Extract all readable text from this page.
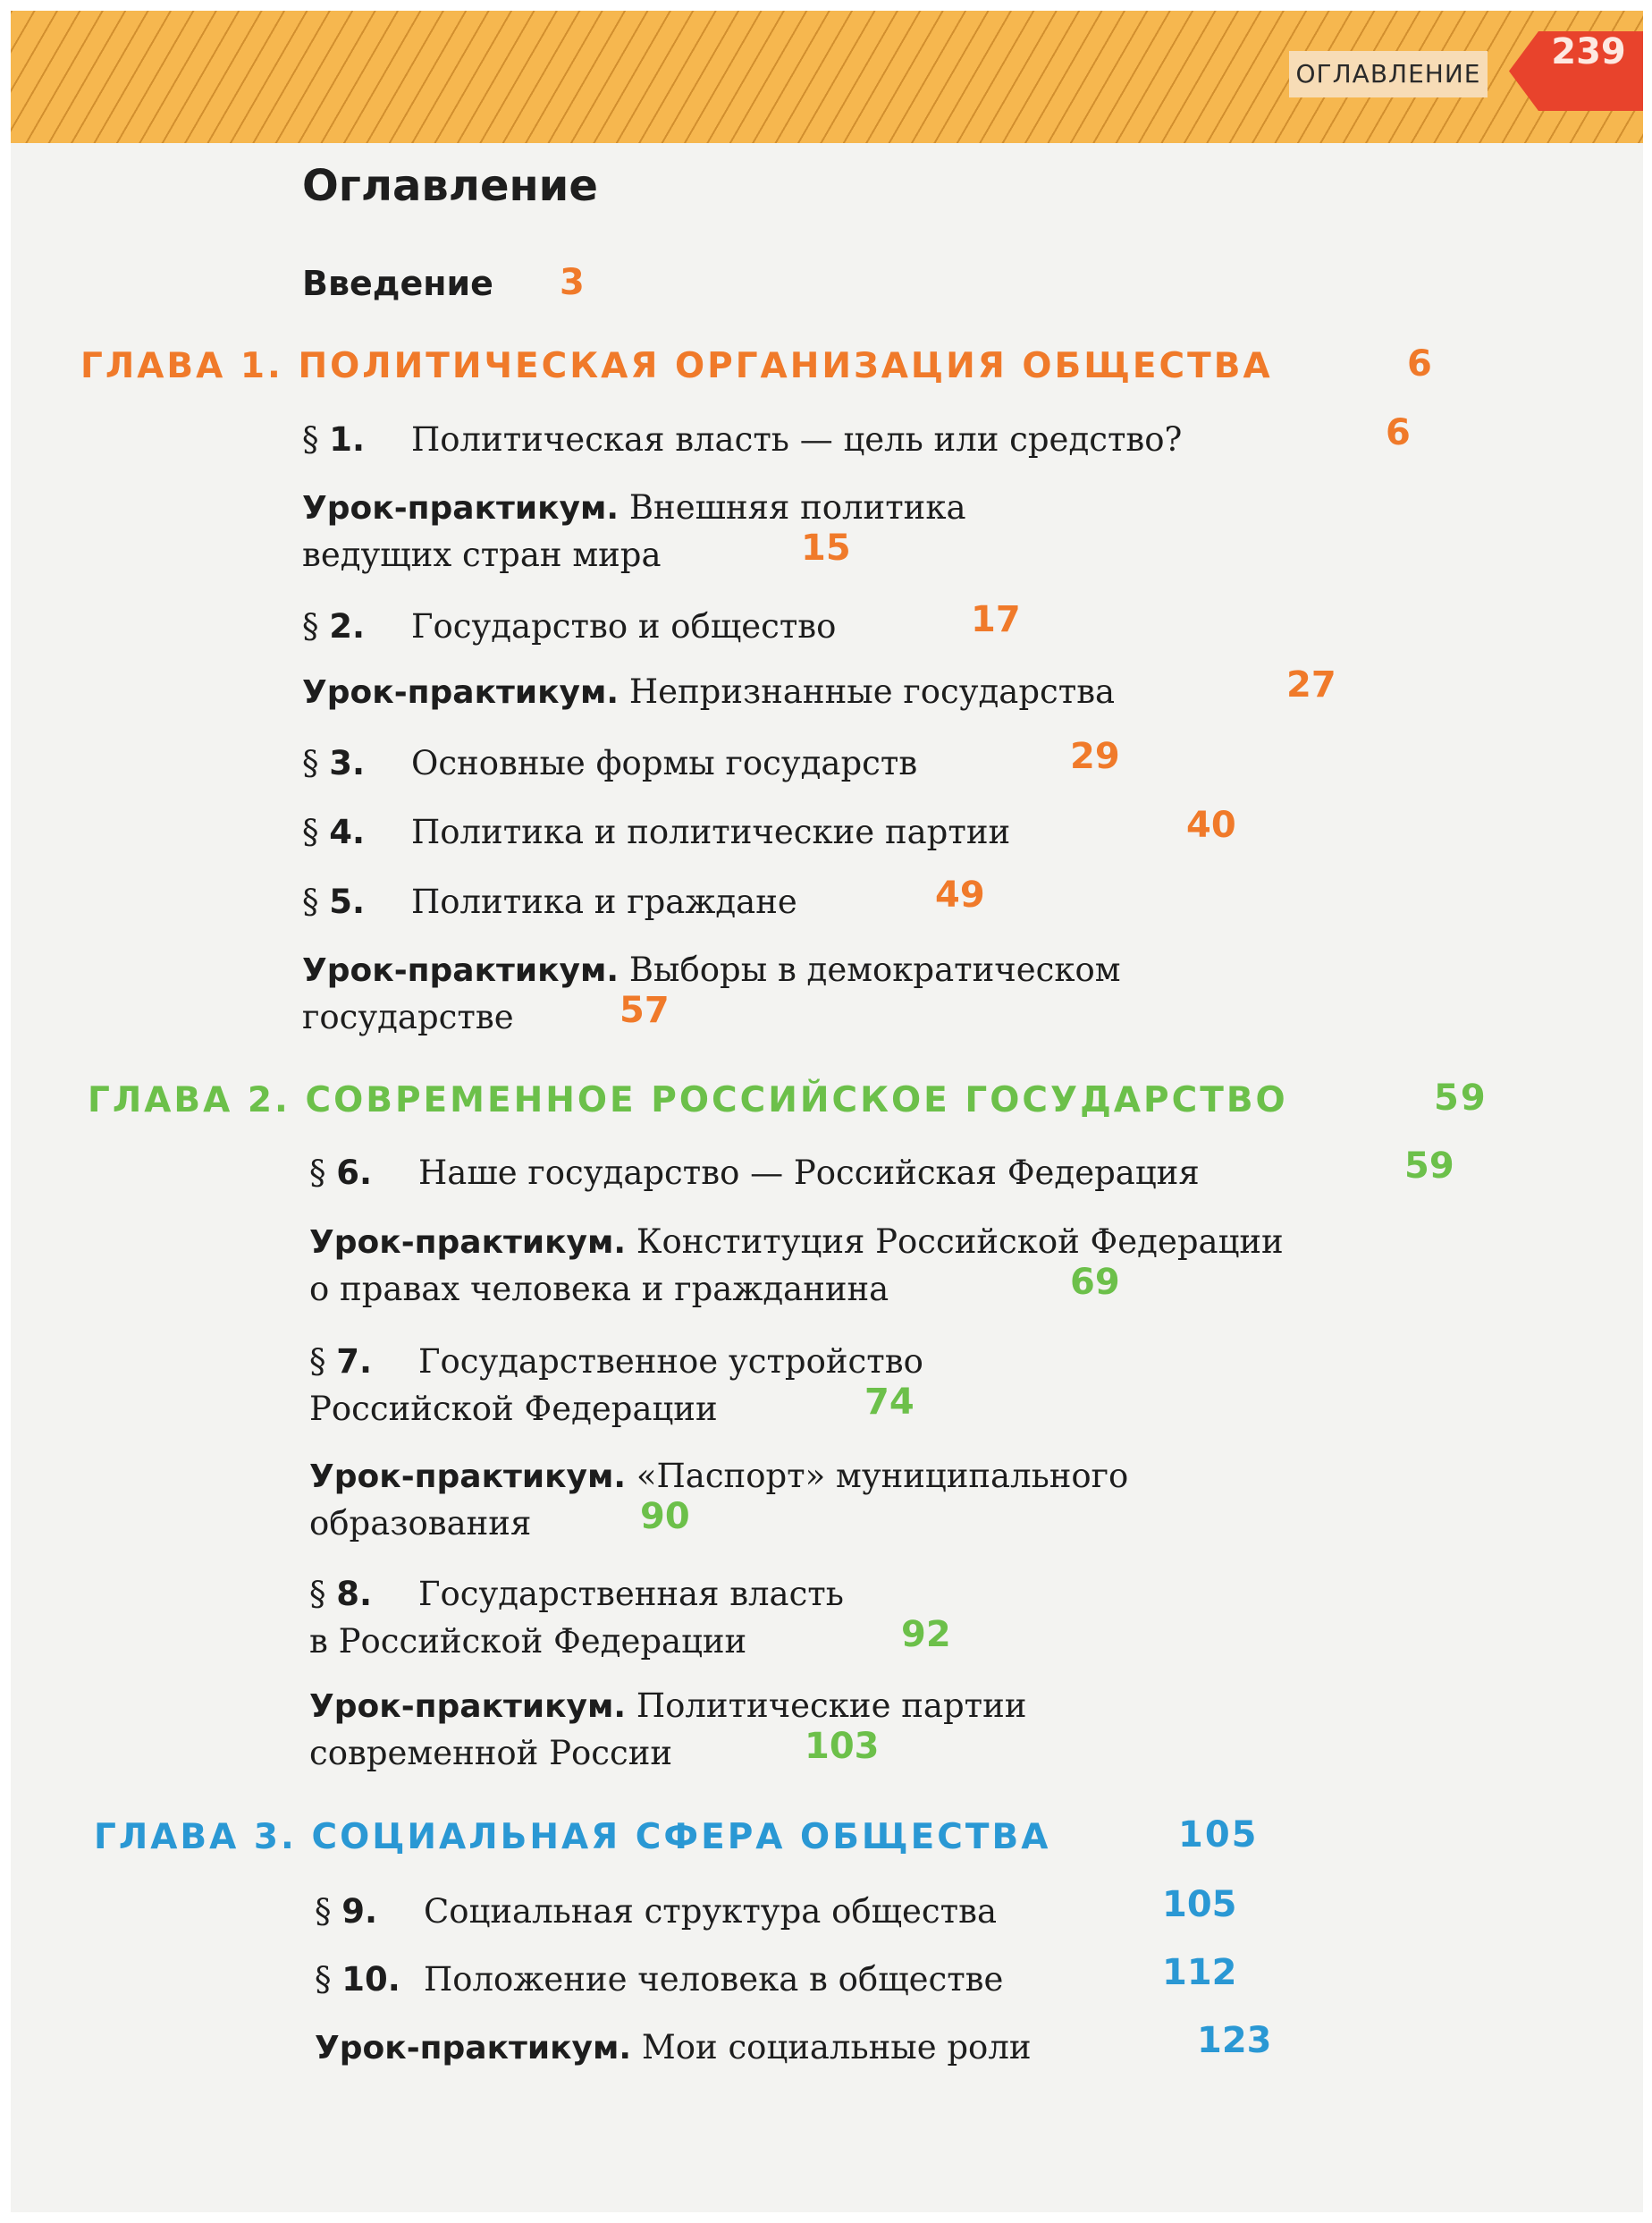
ОГЛАВЛЕНИЕ
239
Оглавление
Введение 3
ГЛАВА 1. ПОЛИТИЧЕСКАЯ ОРГАНИЗАЦИЯ ОБЩЕСТВА	6
§ 1. Политическая власть — цель или средство?	6
Урок-практикум. Внешняя политика
ведущих стран мира	15
§ 2. Государство и общество	17
Урок-практикум. Непризнанные государства	27
§ 3. Основные формы государств	29
§ 4. Политика и политические партии	40
§ 5. Политика и граждане	49
Урок-практикум. Выборы в демократическом
государстве	57
ГЛАВА 2. СОВРЕМЕННОЕ РОССИЙСКОЕ ГОСУДАРСТВО	59
§ 6. Наше государство — Российская Федерация	59
Урок-практикум. Конституция Российской Федерации
о правах человека и гражданина	69
§ 7. Государственное устройство
Российской Федерации	74
Урок-практикум. «Паспорт» муниципального
образования	90
§ 8. Государственная власть
в Российской Федерации	92
Урок-практикум. Политические партии
современной России	103
ГЛАВА 3. СОЦИАЛЬНАЯ СФЕРА ОБЩЕСТВА	105
§ 9. Социальная структура общества	105
§ 10. Положение человека в обществе	112
Урок-практикум. Мои социальные роли	123
